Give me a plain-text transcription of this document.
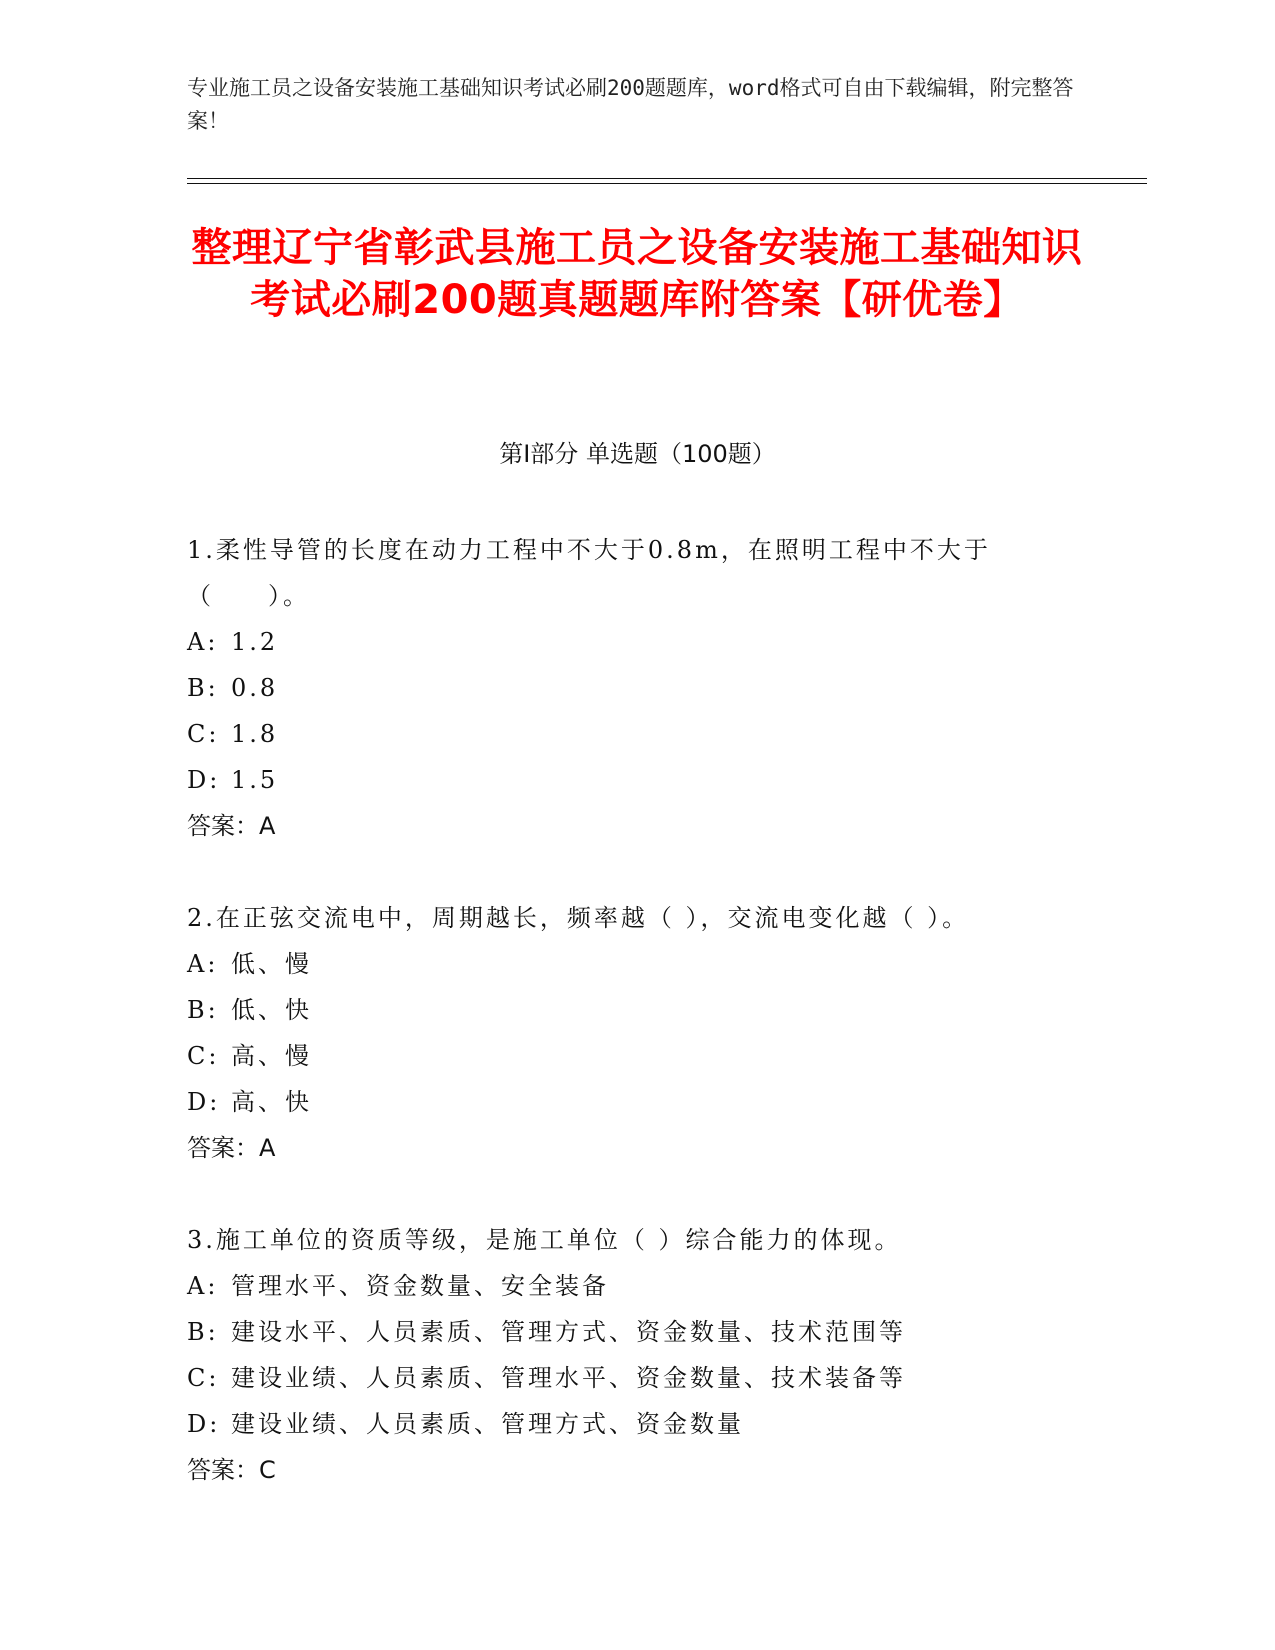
专业施工员之设备安装施工基础知识考试必刷200题题库，word格式可自由下载编辑，附完整答案！
整理辽宁省彰武县施工员之设备安装施工基础知识考试必刷200题真题题库附答案【研优卷】
第Ⅰ部分 单选题（100题）
1.柔性导管的长度在动力工程中不大于0.8m，在照明工程中不大于（　　）。
A: 1.2
B: 0.8
C: 1.8
D: 1.5
答案：A
2.在正弦交流电中，周期越长，频率越（ ），交流电变化越（ ）。
A: 低、慢
B: 低、快
C: 高、慢
D: 高、快
答案：A
3.施工单位的资质等级，是施工单位（ ）综合能力的体现。
A: 管理水平、资金数量、安全装备
B: 建设水平、人员素质、管理方式、资金数量、技术范围等
C: 建设业绩、人员素质、管理水平、资金数量、技术装备等
D: 建设业绩、人员素质、管理方式、资金数量
答案：C
